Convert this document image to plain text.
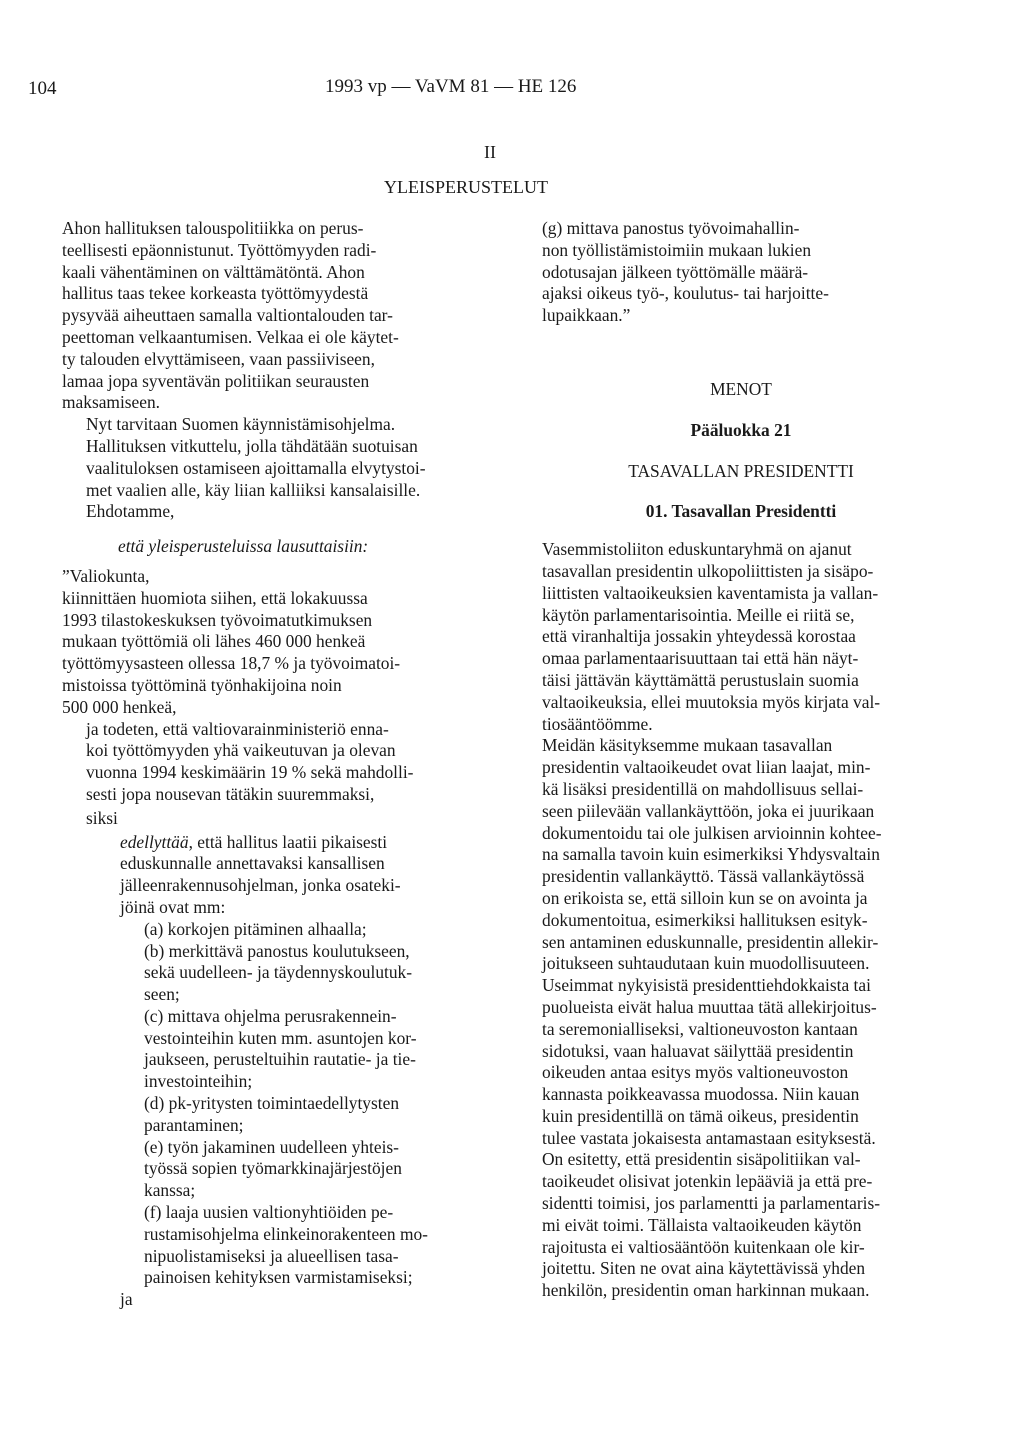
104	1993 vp — VaVM 81 — HE 126
II
YLEISPERUSTELUT
Ahon hallituksen talouspolitiikka on perus-
teellisesti epäonnistunut. Työttömyyden radi-
kaali vähentäminen on välttämätöntä. Ahon
hallitus taas tekee korkeasta työttömyydestä
pysyvää aiheuttaen samalla valtiontalouden tar-
peettoman velkaantumisen. Velkaa ei ole käytet-
ty talouden elvyttämiseen, vaan passiiviseen,
lamaa jopa syventävän politiikan seurausten
maksamiseen.
Nyt tarvitaan Suomen käynnistämisohjelma.
Hallituksen vitkuttelu, jolla tähdätään suotuisan
vaalituloksen ostamiseen ajoittamalla elvytystoi-
met vaalien alle, käy liian kalliiksi kansalaisille.
Ehdotamme,
että yleisperusteluissa lausuttaisiin:
”Valiokunta,
kiinnittäen huomiota siihen, että lokakuussa
1993 tilastokeskuksen työvoimatutkimuksen
mukaan työttömiä oli lähes 460 000 henkeä
työttömyysasteen ollessa 18,7 % ja työvoimatoi-
mistoissa työttöminä työnhakijoina noin
500 000 henkeä,
ja todeten, että valtiovarainministeriö enna-
koi työttömyyden yhä vaikeutuvan ja olevan
vuonna 1994 keskimäärin 19 % sekä mahdolli-
sesti jopa nousevan tätäkin suuremmaksi,
siksi
edellyttää, että hallitus laatii pikaisesti
eduskunnalle annettavaksi kansallisen
jälleenrakennusohjelman, jonka osateki-
jöinä ovat mm:
(a) korkojen pitäminen alhaalla;
(b) merkittävä panostus koulutukseen,
sekä uudelleen- ja täydennyskoulutuk-
seen;
(c) mittava ohjelma perusrakennein-
vestointeihin kuten mm. asuntojen kor-
jaukseen, perusteltuihin rautatie- ja tie-
investointeihin;
(d) pk-yritysten toimintaedellytysten
parantaminen;
(e) työn jakaminen uudelleen yhteis-
työssä sopien työmarkkinajärjestöjen
kanssa;
(f) laaja uusien valtionyhtiöiden pe-
rustamisohjelma elinkeinorakenteen mo-
nipuolistamiseksi ja alueellisen tasa-
painoisen kehityksen varmistamiseksi;
ja
(g) mittava panostus työvoimahallin-
non työllistämistoimiin mukaan lukien
odotusajan jälkeen työttömälle määrä-
ajaksi oikeus työ-, koulutus- tai harjoitte-
lupaikkaan.”
MENOT
Pääluokka 21
TASAVALLAN PRESIDENTTI
01. Tasavallan Presidentti
Vasemmistoliiton eduskuntaryhmä on ajanut
tasavallan presidentin ulkopoliittisten ja sisäpo-
liittisten valtaoikeuksien kaventamista ja vallan-
käytön parlamentarisointia. Meille ei riitä se,
että viranhaltija jossakin yhteydessä korostaa
omaa parlamentaarisuuttaan tai että hän näyt-
täisi jättävän käyttämättä perustuslain suomia
valtaoikeuksia, ellei muutoksia myös kirjata val-
tiosääntöömme.
Meidän käsityksemme mukaan tasavallan
presidentin valtaoikeudet ovat liian laajat, min-
kä lisäksi presidentillä on mahdollisuus sellai-
seen piilevään vallankäyttöön, joka ei juurikaan
dokumentoidu tai ole julkisen arvioinnin kohtee-
na samalla tavoin kuin esimerkiksi Yhdysvaltain
presidentin vallankäyttö. Tässä vallankäytössä
on erikoista se, että silloin kun se on avointa ja
dokumentoitua, esimerkiksi hallituksen esityk-
sen antaminen eduskunnalle, presidentin allekir-
joitukseen suhtaudutaan kuin muodollisuuteen.
Useimmat nykyisistä presidenttiehdokkaista tai
puolueista eivät halua muuttaa tätä allekirjoitus-
ta seremonialliseksi, valtioneuvoston kantaan
sidotuksi, vaan haluavat säilyttää presidentin
oikeuden antaa esitys myös valtioneuvoston
kannasta poikkeavassa muodossa. Niin kauan
kuin presidentillä on tämä oikeus, presidentin
tulee vastata jokaisesta antamastaan esityksestä.
On esitetty, että presidentin sisäpolitiikan val-
taoikeudet olisivat jotenkin lepääviä ja että pre-
sidentti toimisi, jos parlamentti ja parlamentaris-
mi eivät toimi. Tällaista valtaoikeuden käytön
rajoitusta ei valtiosääntöön kuitenkaan ole kir-
joitettu. Siten ne ovat aina käytettävissä yhden
henkilön, presidentin oman harkinnan mukaan.
